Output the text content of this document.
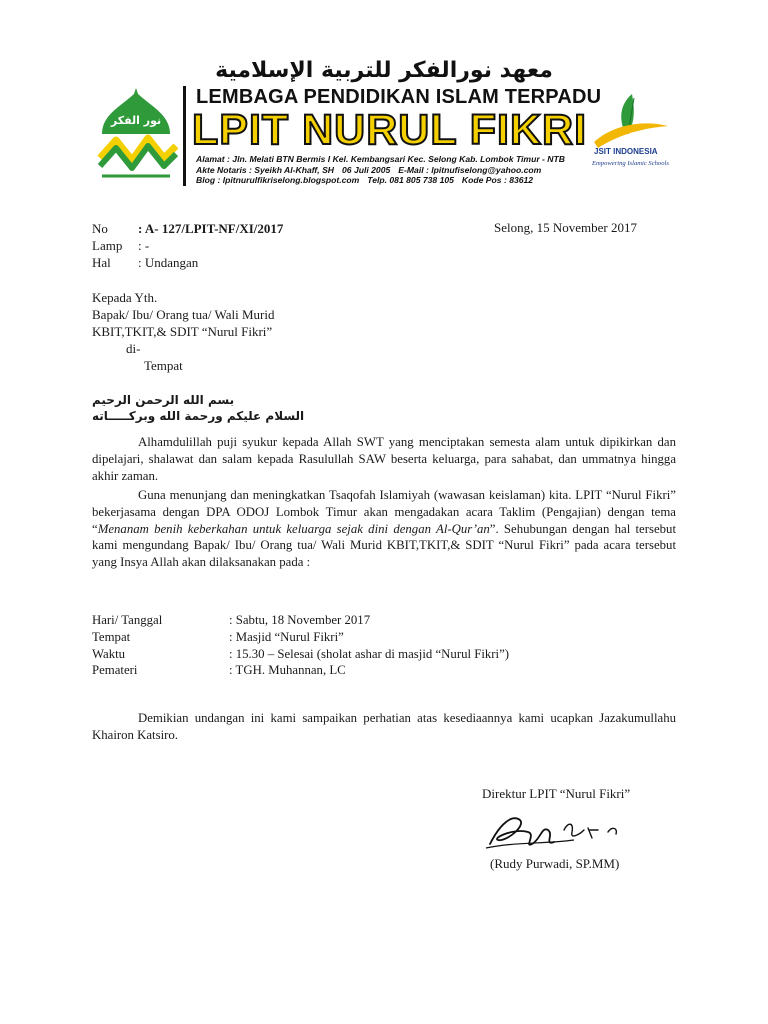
معهد نورالفكر للتربية الإسلامية
نور الفكر
LEMBAGA PENDIDIKAN ISLAM TERPADU
LPIT NURUL FIKRI
Alamat : Jln. Melati BTN Bermis I Kel. Kembangsari Kec. Selong Kab. Lombok Timur - NTB
Akte Notaris : Syeikh Al-Khaff, SH 06 Juli 2005 E-Mail : lpitnufiselong@yahoo.com
Blog : lpitnurulfikriselong.blogspot.com Telp. 081 805 738 105 Kode Pos : 83612
JSIT INDONESIA
Empowering Islamic Schools
No	: A- 127/LPIT-NF/XI/2017
Lamp	: -
Hal	: Undangan
Selong, 15 November 2017
Kepada Yth.
Bapak/ Ibu/ Orang tua/ Wali Murid
KBIT,TKIT,& SDIT “Nurul Fikri”
di-
Tempat
بسم الله الرحمن الرحيم
السلام عليكم ورحمة الله وبركـــــاته
Alhamdulillah puji syukur kepada Allah SWT yang menciptakan semesta alam untuk dipikirkan dan dipelajari, shalawat dan salam kepada Rasulullah SAW beserta keluarga, para sahabat, dan ummatnya hingga akhir zaman.
Guna menunjang dan meningkatkan Tsaqofah Islamiyah (wawasan keislaman) kita. LPIT “Nurul Fikri” bekerjasama dengan DPA ODOJ Lombok Timur akan mengadakan acara Taklim (Pengajian) dengan tema “Menanam benih keberkahan untuk keluarga sejak dini dengan Al-Qur’an”. Sehubungan dengan hal tersebut kami mengundang Bapak/ Ibu/ Orang tua/ Wali Murid KBIT,TKIT,& SDIT “Nurul Fikri” pada acara tersebut yang Insya Allah akan dilaksanakan pada :
Hari/ Tanggal	: Sabtu, 18 November 2017
Tempat	: Masjid “Nurul Fikri”
Waktu	: 15.30 – Selesai (sholat ashar di masjid “Nurul Fikri”)
Pemateri	: TGH. Muhannan, LC
Demikian undangan ini kami sampaikan perhatian atas kesediaannya kami ucapkan Jazakumullahu Khairon Katsiro.
Direktur LPIT “Nurul Fikri”
(Rudy Purwadi, SP.MM)
